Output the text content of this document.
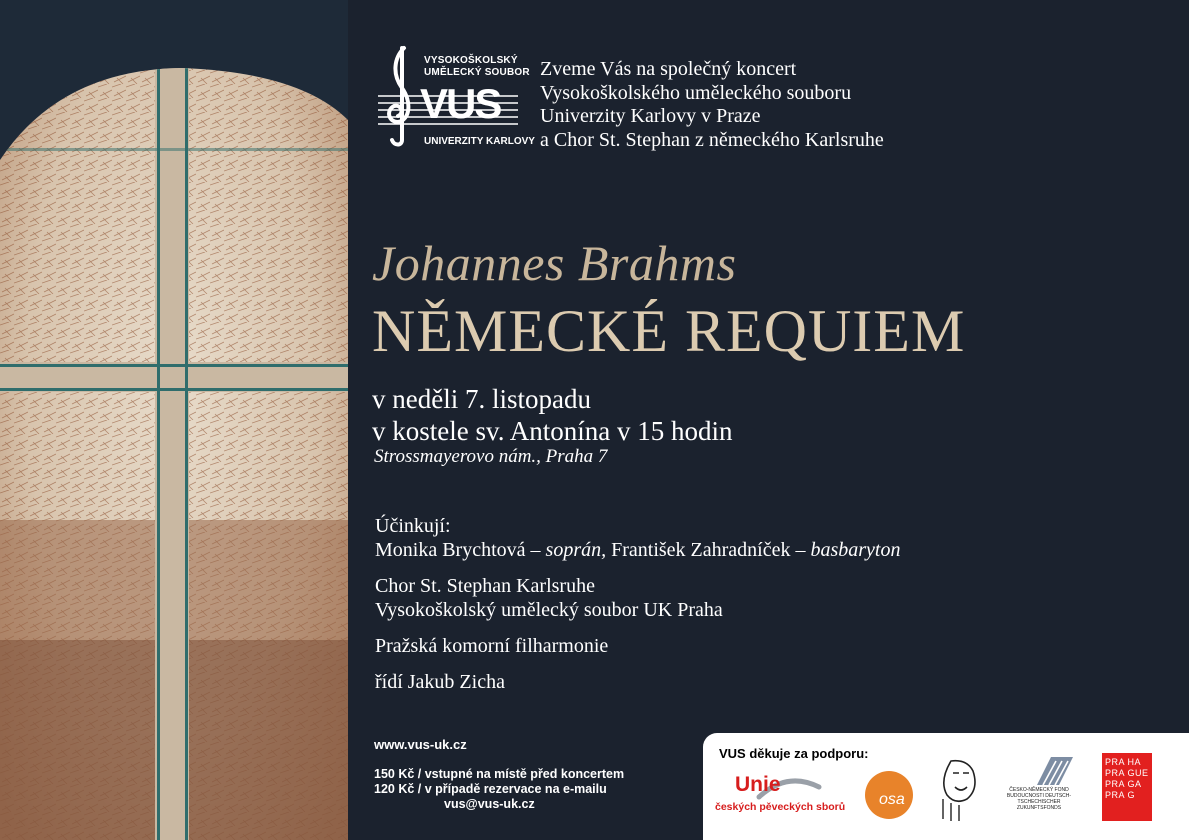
VYSOKOŠKOLSKÝ
UMĚLECKÝ SOUBOR
VUS
UNIVERZITY KARLOVY
Zveme Vás na společný koncert
Vysokoškolského uměleckého souboru
Univerzity Karlovy v Praze
a Chor St. Stephan z německého Karlsruhe
Johannes Brahms
NĚMECKÉ REQUIEM
v neděli 7. listopadu
v kostele sv. Antonína v 15 hodin
Strossmayerovo nám., Praha 7
Účinkují:
Monika Brychtová – soprán, František Zahradníček – basbaryton
Chor St. Stephan Karlsruhe
Vysokoškolský umělecký soubor UK Praha
Pražská komorní filharmonie
řídí Jakub Zicha
www.vus-uk.cz
150 Kč / vstupné na místě před koncertem
120 Kč / v případě rezervace na e-mailu
vus@vus-uk.cz
VUS děkuje za podporu:
Unie
českých pěveckých sborů osa
ČESKO-NĚMECKÝ FOND BUDOUCNOSTI DEUTSCH-TSCHECHISCHER ZUKUNFTSFONDS
PRA HA
PRA GUE
PRA GA
PRA G
